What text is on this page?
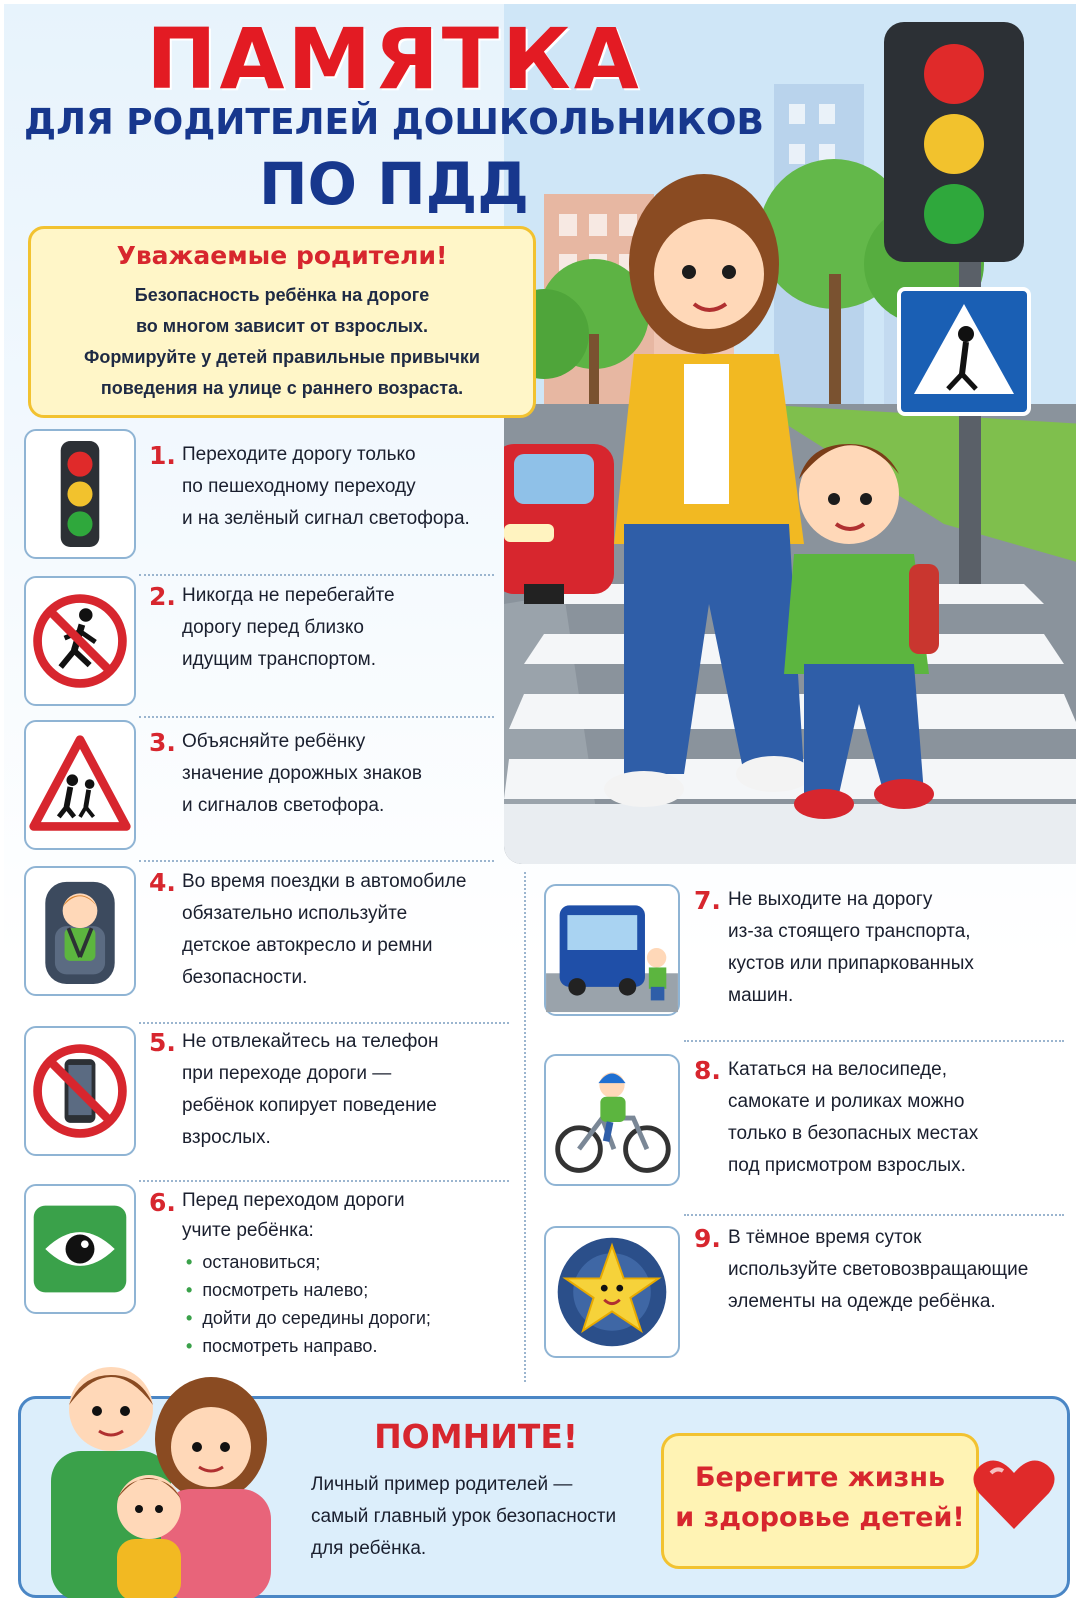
ПАМЯТКА
ДЛЯ РОДИТЕЛЕЙ ДОШКОЛЬНИКОВ
ПО ПДД
Уважаемые родители!
Безопасность ребёнка на дороге
во многом зависит от взрослых.
Формируйте у детей правильные привычки
поведения на улице с раннего возраста.
1. Переходите дорогу только
по пешеходному переходу
и на зелёный сигнал светофора.
2. Никогда не перебегайте
дорогу перед близко
идущим транспортом.
3. Объясняйте ребёнку
значение дорожных знаков
и сигналов светофора.
4. Во время поездки в автомобиле
обязательно используйте
детское автокресло и ремни
безопасности.
5. Не отвлекайтесь на телефон
при переходе дороги —
ребёнок копирует поведение
взрослых.
6. Перед переходом дороги
учите ребёнка:
• остановиться;
• посмотреть налево;
• дойти до середины дороги;
• посмотреть направо.
7. Не выходите на дорогу
из-за стоящего транспорта,
кустов или припаркованных
машин.
8. Кататься на велосипеде,
самокате и роликах можно
только в безопасных местах
под присмотром взрослых.
9. В тёмное время суток
используйте световозвращающие
элементы на одежде ребёнка.
ПОМНИТЕ!
Личный пример родителей —
самый главный урок безопасности
для ребёнка.
Берегите жизнь
и здоровье детей!
